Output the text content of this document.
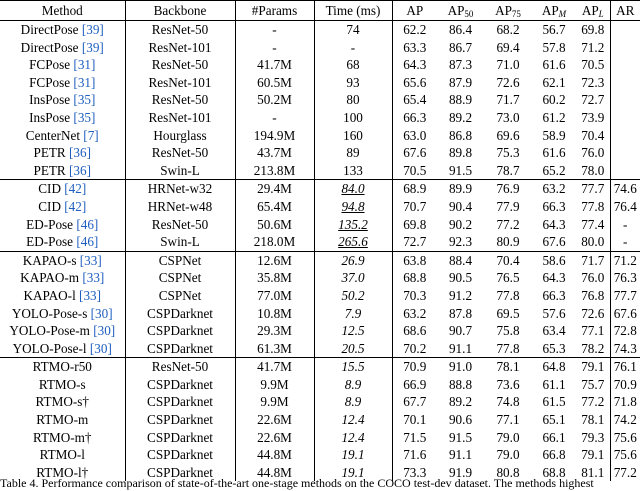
Method	Backbone	#Params	Time (ms)	AP	$AP_{50}$	$AP_{75}$	$AP_M$	$AP_L$	AR
DirectPose [39]	ResNet-50	-	74	62.2	86.4	68.2	56.7	69.8	
DirectPose [39]	ResNet-101	-	-	63.3	86.7	69.4	57.8	71.2	
FCPose [31]	ResNet-50	41.7M	68	64.3	87.3	71.0	61.6	70.5	
FCPose [31]	ResNet-101	60.5M	93	65.6	87.9	72.6	62.1	72.3	
InsPose [35]	ResNet-50	50.2M	80	65.4	88.9	71.7	60.2	72.7	
InsPose [35]	ResNet-101	-	100	66.3	89.2	73.0	61.2	73.9	
CenterNet [7]	Hourglass	194.9M	160	63.0	86.8	69.6	58.9	70.4	
PETR [36]	ResNet-50	43.7M	89	67.6	89.8	75.3	61.6	76.0	
PETR [36]	Swin-L	213.8M	133	70.5	91.5	78.7	65.2	78.0	
CID [42]	HRNet-w32	29.4M	84.0	68.9	89.9	76.9	63.2	77.7	74.6
CID [42]	HRNet-w48	65.4M	94.8	70.7	90.4	77.9	66.3	77.8	76.4
ED-Pose [46]	ResNet-50	50.6M	135.2	69.8	90.2	77.2	64.3	77.4	-
ED-Pose [46]	Swin-L	218.0M	265.6	72.7	92.3	80.9	67.6	80.0	-
KAPAO-s [33]	CSPNet	12.6M	26.9	63.8	88.4	70.4	58.6	71.7	71.2
KAPAO-m [33]	CSPNet	35.8M	37.0	68.8	90.5	76.5	64.3	76.0	76.3
KAPAO-l [33]	CSPNet	77.0M	50.2	70.3	91.2	77.8	66.3	76.8	77.7
YOLO-Pose-s [30]	CSPDarknet	10.8M	7.9	63.2	87.8	69.5	57.6	72.6	67.6
YOLO-Pose-m [30]	CSPDarknet	29.3M	12.5	68.6	90.7	75.8	63.4	77.1	72.8
YOLO-Pose-l [30]	CSPDarknet	61.3M	20.5	70.2	91.1	77.8	65.3	78.2	74.3
RTMO-r50	ResNet-50	41.7M	15.5	70.9	91.0	78.1	64.8	79.1	76.1
RTMO-s	CSPDarknet	9.9M	8.9	66.9	88.8	73.6	61.1	75.7	70.9
RTMO-s†	CSPDarknet	9.9M	8.9	67.7	89.2	74.8	61.5	77.2	71.8
RTMO-m	CSPDarknet	22.6M	12.4	70.1	90.6	77.1	65.1	78.1	74.2
RTMO-m†	CSPDarknet	22.6M	12.4	71.5	91.5	79.0	66.1	79.3	75.6
RTMO-l	CSPDarknet	44.8M	19.1	71.6	91.1	79.0	66.8	79.1	75.6
RTMO-l†	CSPDarknet	44.8M	19.1	73.3	91.9	80.8	68.8	81.1	77.2
Table 4. Performance comparison of state-of-the-art one-stage methods on the COCO test-dev dataset. The methods highest
